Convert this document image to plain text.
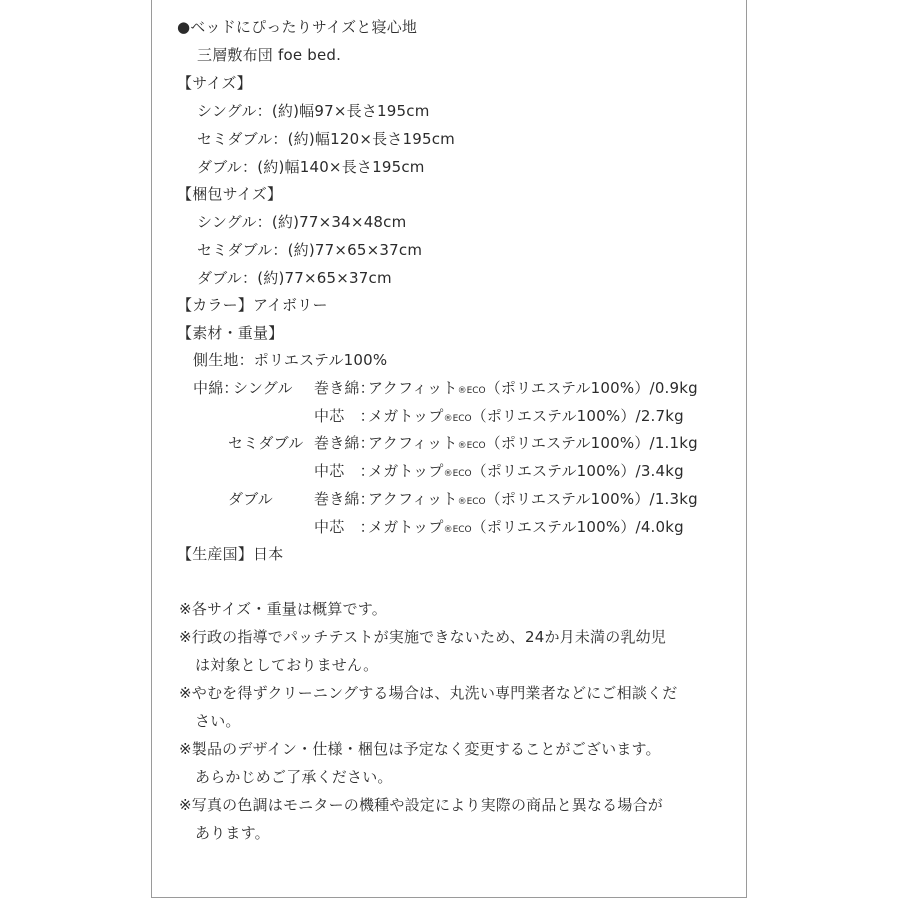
●ベッドにぴったりサイズと寝心地
三層敷布団 foe bed.
【サイズ】
シングル：(約)幅97×長さ195cm
セミダブル：(約)幅120×長さ195cm
ダブル：(約)幅140×長さ195cm
【梱包サイズ】
シングル：(約)77×34×48cm
セミダブル：(約)77×65×37cm
ダブル：(約)77×65×37cm
【カラー】アイボリー
【素材・重量】
側生地：ポリエステル100%
中綿：
シングル 巻き綿：
アクフィット®ECO（ポリエステル100%）/0.9kg
中芯　：
メガトップ®ECO（ポリエステル100%）/2.7kg
セミダブル 巻き綿：
アクフィット®ECO（ポリエステル100%）/1.1kg
中芯　：
メガトップ®ECO（ポリエステル100%）/3.4kg
ダブル	巻き綿：
アクフィット®ECO（ポリエステル100%）/1.3kg
中芯　：
メガトップ®ECO（ポリエステル100%）/4.0kg
【生産国】日本
※各サイズ・重量は概算です。
※行政の指導でパッチテストが実施できないため、24か月未満の乳幼児
は対象としておりません。
※やむを得ずクリーニングする場合は、丸洗い専門業者などにご相談くだ
さい。
※製品のデザイン・仕様・梱包は予定なく変更することがございます。
あらかじめご了承ください。
※写真の色調はモニターの機種や設定により実際の商品と異なる場合が
あります。
